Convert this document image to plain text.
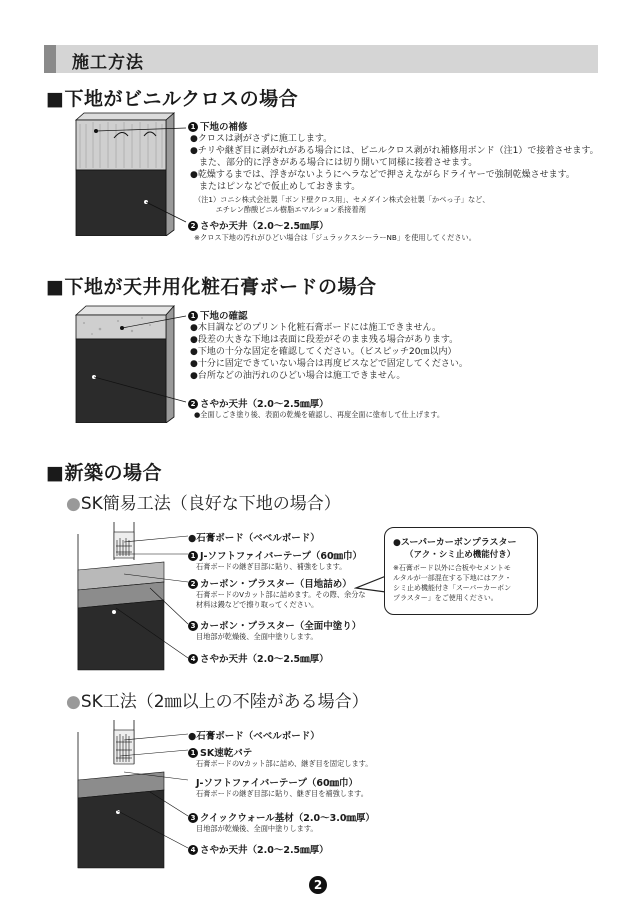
施工方法
■下地がビニルクロスの場合
1 下地の補修
●クロスは剥がさずに施工します。
●チリや継ぎ目に剥がれがある場合には、ビニルクロス剥がれ補修用ボンド（注1）で接着させます。
　また、部分的に浮きがある場合には切り開いて同様に接着させます。
●乾燥するまでは、浮きがないようにヘラなどで押さえながらドライヤーで強制乾燥させます。
　またはピンなどで仮止めしておきます。
（注1）コニシ株式会社製「ボンド壁クロス用」、セメダイン株式会社製「かべっ子」など、
　　　エチレン酢酸ビニル樹脂エマルション系接着剤
2 さやか天井（2.0～2.5㎜厚）
※クロス下地の汚れがひどい場合は「ジュラックスシーラーNB」を使用してください。
■下地が天井用化粧石膏ボードの場合
1 下地の確認
●木目調などのプリント化粧石膏ボードには施工できません。
●段差の大きな下地は表面に段差がそのまま残る場合があります。
●下地の十分な固定を確認してください。（ビスピッチ20㎝以内）
●十分に固定できていない場合は再度ビスなどで固定してください。
●台所などの油汚れのひどい場合は施工できません。
2 さやか天井（2.0～2.5㎜厚）
●全面しごき塗り後、表面の乾燥を確認し、再度全面に塗布して仕上げます。
■新築の場合
●SK簡易工法（良好な下地の場合）
●石膏ボード（ベベルボード）
1 J-ソフトファイバーテープ（60㎜巾）
石膏ボードの継ぎ目部に貼り、補強をします。
2 カーボン・プラスター（目地詰め）
石膏ボードのVカット部に詰めます。その際、余分な
材料は鏝などで擦り取ってください。
3 カーボン・プラスター（全面中塗り）
目地部が乾燥後、全面中塗りします。
4 さやか天井（2.0～2.5㎜厚）
●スーパーカーボンプラスター
（アク・シミ止め機能付き）
※石膏ボード以外に合板やセメントモ
ルタルが一部混在する下地にはアク・
シミ止め機能付き「スーパーカーボン
プラスター」をご使用ください。
●SK工法（2㎜以上の不陸がある場合）
●石膏ボード（ベベルボード）
1 SK速乾パテ
石膏ボードのVカット部に詰め、継ぎ目を固定します。
J-ソフトファイバーテープ（60㎜巾）
石膏ボードの継ぎ目部に貼り、継ぎ目を補強します。
3 クイックウォール基材（2.0～3.0㎜厚）
目地部が乾燥後、全面中塗りします。
4 さやか天井（2.0～2.5㎜厚）
2
